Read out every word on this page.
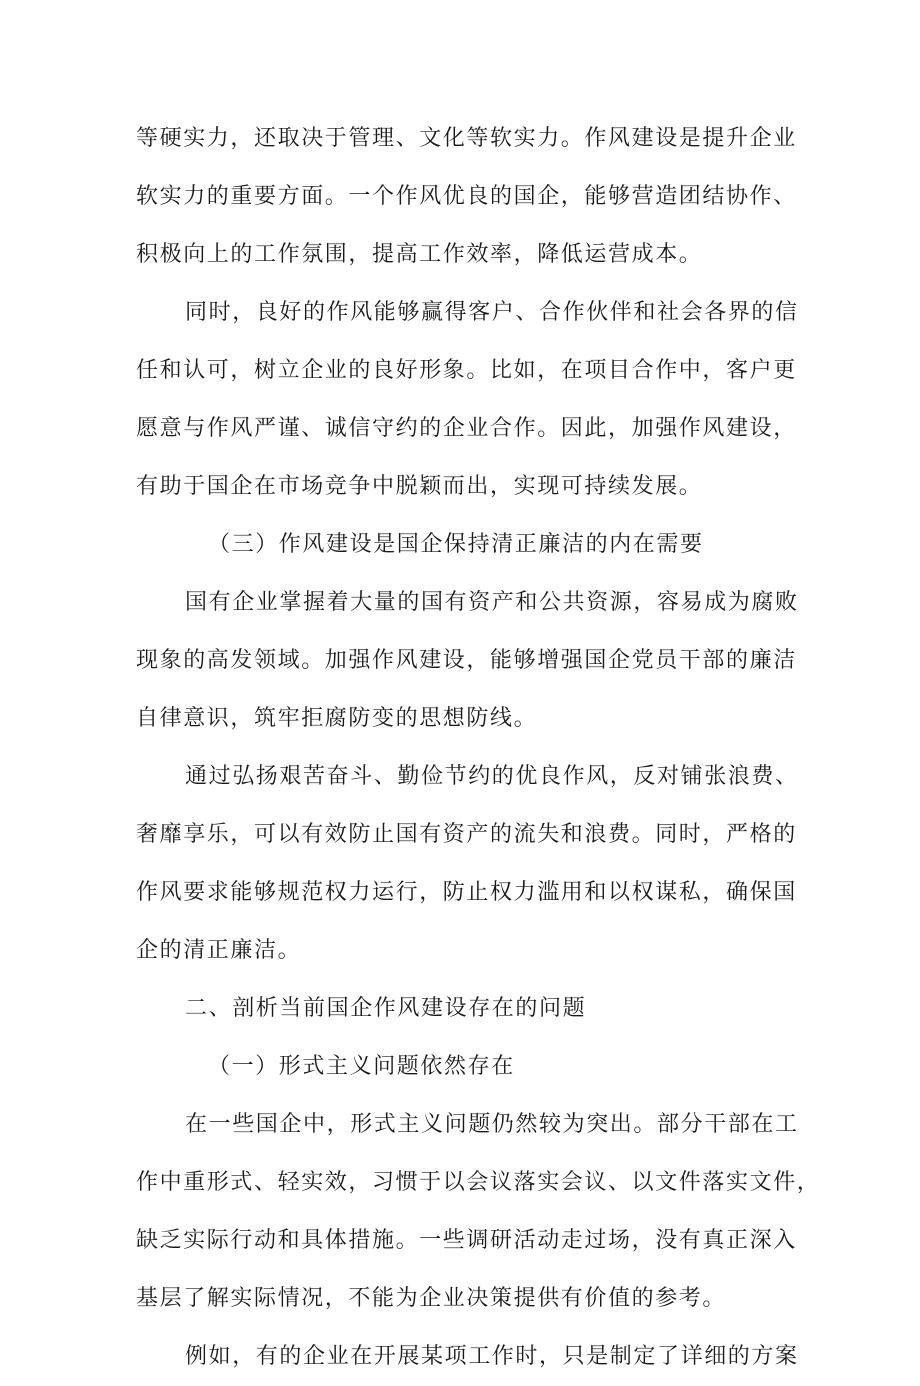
等硬实力，还取决于管理、文化等软实力。作风建设是提升企业
软实力的重要方面。一个作风优良的国企，能够营造团结协作、
积极向上的工作氛围，提高工作效率，降低运营成本。
同时，良好的作风能够赢得客户、合作伙伴和社会各界的信
任和认可，树立企业的良好形象。比如，在项目合作中，客户更
愿意与作风严谨、诚信守约的企业合作。因此，加强作风建设，
有助于国企在市场竞争中脱颖而出，实现可持续发展。
（三）作风建设是国企保持清正廉洁的内在需要
国有企业掌握着大量的国有资产和公共资源，容易成为腐败
现象的高发领域。加强作风建设，能够增强国企党员干部的廉洁
自律意识，筑牢拒腐防变的思想防线。
通过弘扬艰苦奋斗、勤俭节约的优良作风，反对铺张浪费、
奢靡享乐，可以有效防止国有资产的流失和浪费。同时，严格的
作风要求能够规范权力运行，防止权力滥用和以权谋私，确保国
企的清正廉洁。
二、剖析当前国企作风建设存在的问题
（一）形式主义问题依然存在
在一些国企中，形式主义问题仍然较为突出。部分干部在工
作中重形式、轻实效，习惯于以会议落实会议、以文件落实文件，
缺乏实际行动和具体措施。一些调研活动走过场，没有真正深入
基层了解实际情况，不能为企业决策提供有价值的参考。
例如，有的企业在开展某项工作时，只是制定了详细的方案
